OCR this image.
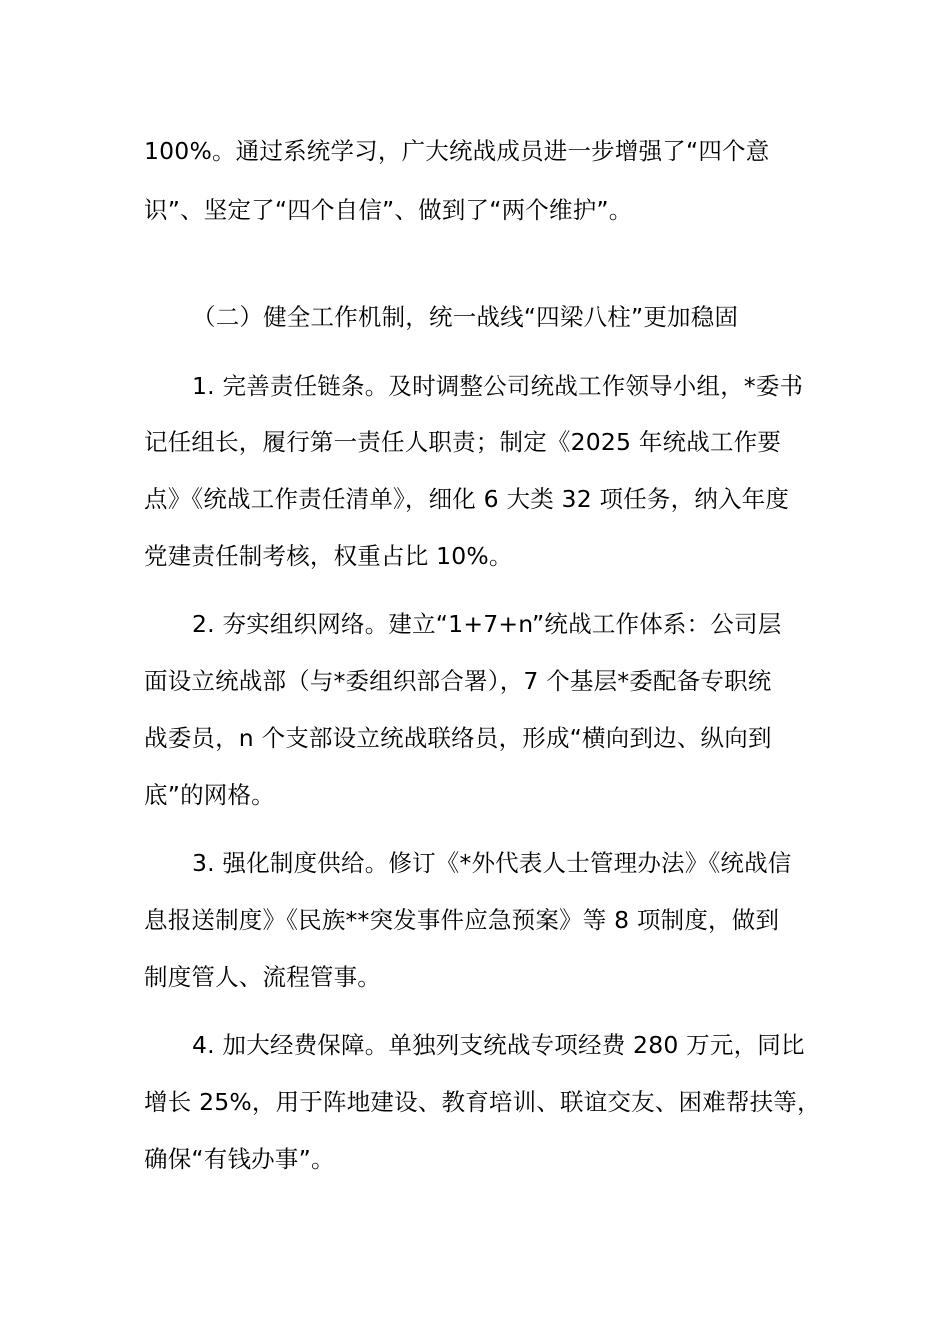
100%。通过系统学习，广大统战成员进一步增强了“四个意
识”、坚定了“四个自信”、做到了“两个维护”。
（二）健全工作机制，统一战线“四梁八柱”更加稳固
1. 完善责任链条。及时调整公司统战工作领导小组，*委书
记任组长，履行第一责任人职责；制定《2025 年统战工作要
点》《统战工作责任清单》，细化 6 大类 32 项任务，纳入年度
党建责任制考核，权重占比 10%。
2. 夯实组织网络。建立“1+7+n”统战工作体系：公司层
面设立统战部（与*委组织部合署），7 个基层*委配备专职统
战委员，n 个支部设立统战联络员，形成“横向到边、纵向到
底”的网格。
3. 强化制度供给。修订《*外代表人士管理办法》《统战信
息报送制度》《民族**突发事件应急预案》等 8 项制度，做到
制度管人、流程管事。
4. 加大经费保障。单独列支统战专项经费 280 万元，同比
增长 25%，用于阵地建设、教育培训、联谊交友、困难帮扶等，
确保“有钱办事”。
